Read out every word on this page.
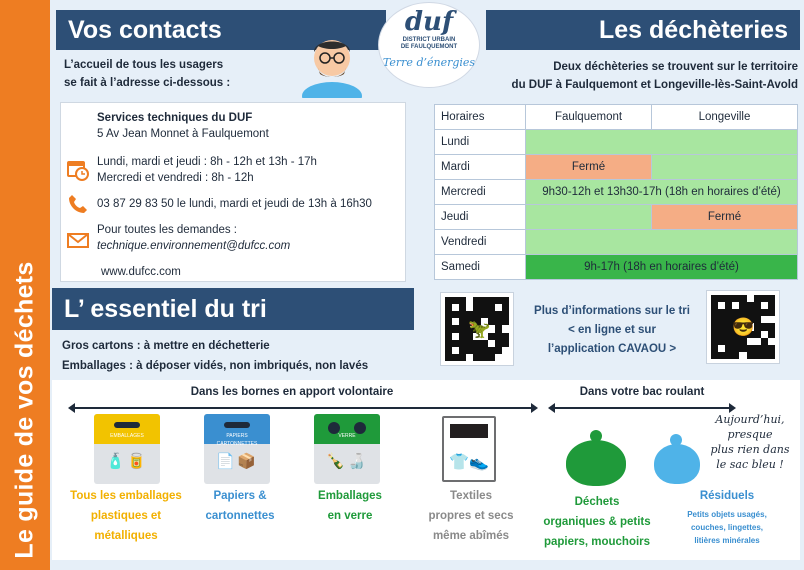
Le guide de vos déchets
Vos contacts	Les déchèteries
duf
DISTRICT URBAIN
DE FAULQUEMONT
Terre d’énergies
L’accueil de tous les usagers
se fait à l’adresse ci-dessous :
Deux déchèteries se trouvent sur le territoire
du DUF à Faulquemont et Longeville-lès-Saint-Avold
Services techniques du DUF
5 Av Jean Monnet à Faulquemont
Lundi, mardi et jeudi : 8h - 12h et 13h - 17h
Mercredi et vendredi : 8h - 12h
03 87 29 83 50 le lundi, mardi et jeudi de 13h à 16h30
Pour toutes les demandes :
technique.environnement@dufcc.com
www.dufcc.com
Horaires	Faulquemont	Longeville
Lundi		
Mardi	Fermé	
Mercredi	9h30-12h et 13h30-17h (18h en horaires d’été)	
Jeudi		Fermé
Vendredi		
Samedi	9h-17h (18h en horaires d’été)	
L’ essentiel du tri
🦖
Plus d’informations sur le tri
< en ligne et sur
l’application CAVAOU >
😎
Gros cartons : à mettre en déchetterie
Emballages : à déposer vidés, non imbriqués, non lavés
Dans les bornes en apport volontaire	Dans votre bac roulant
EMBALLAGES
🧴🥫
PAPIERS CARTONNETTES
📄📦
VERRE
🍾🍶	👕👟
Tous les emballages
plastiques et
métalliques
Papiers &
cartonnettes
Emballages
en verre
Textiles
propres et secs
même abîmés
Aujourd’hui,
presque
plus rien dans
le sac bleu !
Déchets
organiques & petits
papiers, mouchoirs
Résiduels
Petits objets usagés,
couches, lingettes,
litières minérales
